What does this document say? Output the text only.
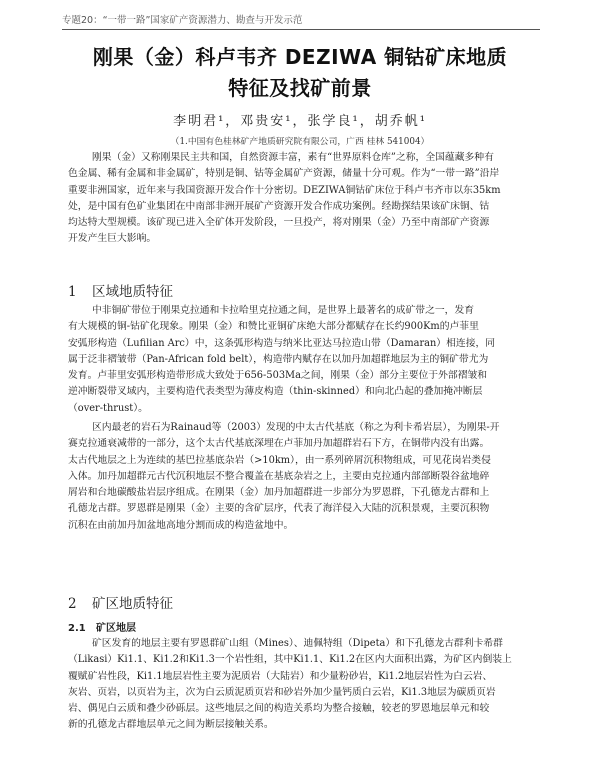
专题20：“一带一路”国家矿产资源潜力、勘查与开发示范
刚果（金）科卢韦齐 DEZIWA 铜钴矿床地质
特征及找矿前景
李明君¹，邓贵安¹，张学良¹，胡乔帆¹
（1.中国有色桂林矿产地质研究院有限公司，广西 桂林 541004）
刚果（金）又称刚果民主共和国，自然资源丰富，素有“世界原料仓库”之称，全国蕴藏多种有
色金属、稀有金属和非金属矿，特别是铜、钴等金属矿产资源，储量十分可观。作为“一带一路”沿岸
重要非洲国家，近年来与我国资源开发合作十分密切。DEZIWA铜钴矿床位于科卢韦齐市以东35km
处，是中国有色矿业集团在中南部非洲开展矿产资源开发合作成功案例。经勘探结果该矿床铜、钴
均达特大型规模。该矿现已进入全矿体开发阶段，一旦投产，将对刚果（金）乃至中南部矿产资源
开发产生巨大影响。
1 区域地质特征
中非铜矿带位于刚果克拉通和卡拉哈里克拉通之间，是世界上最著名的成矿带之一，发育
有大规模的铜-钴矿化现象。刚果（金）和赞比亚铜矿床绝大部分都赋存在长约900Km的卢菲里
安弧形构造（Lufilian Arc）中，这条弧形构造与纳米比亚达马拉造山带（Damaran）相连接，同
属于泛非褶皱带（Pan-African fold belt），构造带内赋存在以加丹加超群地层为主的铜矿带尤为
发育。卢菲里安弧形构造带形成大致处于656-503Ma之间，刚果（金）部分主要位于外部褶皱和
逆冲断裂带叉域内，主要构造代表类型为薄皮构造（thin-skinned）和向北凸起的叠加掩冲断层
（over-thrust）。
区内最老的岩石为Rainaud等（2003）发现的中太古代基底（称之为利卡希岩层），为刚果-开
赛克拉通衰减带的一部分，这个太古代基底深埋在卢菲加丹加超群岩石下方，在铜带内没有出露。
太古代地层之上为连续的基巴拉基底杂岩（>10km），由一系列碎屑沉积物组成，可见花岗岩类侵
入体。加丹加超群元古代沉积地层不整合覆盖在基底杂岩之上，主要由克拉通内部部断裂谷盆地碎
屑岩和台地碳酸盐岩层序组成。在刚果（金）加丹加超群进一步部分为罗恩群，下孔德龙古群和上
孔德龙古群。罗恩群是刚果（金）主要的含矿层序，代表了海洋侵入大陆的沉积景观，主要沉积物
沉积在由前加丹加盆地高地分割而成的构造盆地中。
2 矿区地质特征
2.1 矿区地层
矿区发育的地层主要有罗恩群矿山组（Mines）、迪佩特组（Dipeta）和下孔德龙古群利卡希群
（Likasi）Ki1.1、Ki1.2和Ki1.3一个岩性组，其中Ki1.1、Ki1.2在区内大面积出露，为矿区内倒装上
覆赋矿岩性段，Ki1.1地层岩性主要为泥质岩（大陆岩）和少量粉砂岩，Ki1.2地层岩性为白云岩、
灰岩、页岩，以页岩为主，次为白云质泥质页岩和砂岩外加少量钙质白云岩，Ki1.3地层为碳质页岩
岩、偶见白云质和叠少砂砾层。这些地层之间的构造关系均为整合接触，较老的罗恩地层单元和较
新的孔德龙古群地层单元之间为断层接触关系。
